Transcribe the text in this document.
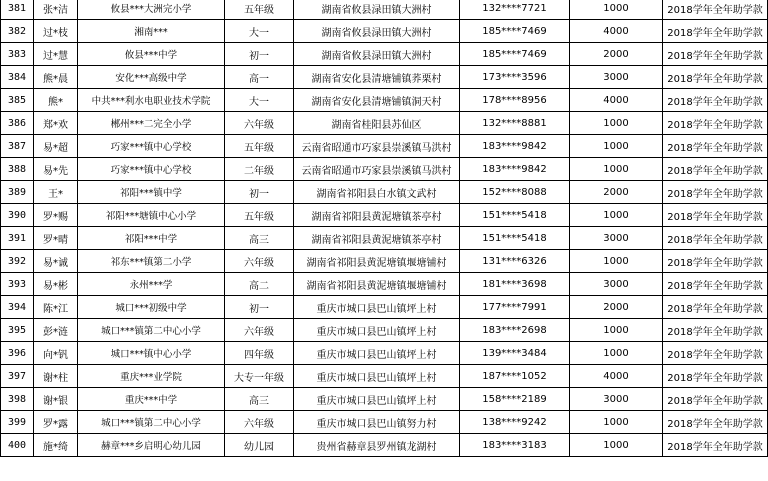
381	张*洁	攸县***大洲完小学	五年级	湖南省攸县渌田镇大洲村	132****7721	1000	2018学年全年助学款
382	过*枝	湘南***	大一	湖南省攸县渌田镇大洲村	185****7469	4000	2018学年全年助学款
383	过*慧	攸县***中学	初一	湖南省攸县渌田镇大洲村	185****7469	2000	2018学年全年助学款
384	熊*晨	安化***高级中学	高一	湖南省安化县清塘铺镇荞栗村	173****3596	3000	2018学年全年助学款
385	熊*	中共***利水电职业技术学院	大一	湖南省安化县清塘铺镇洞天村	178****8956	4000	2018学年全年助学款
386	郑*欢	郴州***二完全小学	六年级	湖南省桂阳县苏仙区	132****8881	1000	2018学年全年助学款
387	易*超	巧家***镇中心学校	五年级	云南省昭通市巧家县崇溪镇马洪村	183****9842	1000	2018学年全年助学款
388	易*先	巧家***镇中心学校	二年级	云南省昭通市巧家县崇溪镇马洪村	183****9842	1000	2018学年全年助学款
389	王*	祁阳***镇中学	初一	湖南省祁阳县白水镇文武村	152****8088	2000	2018学年全年助学款
390	罗*赐	祁阳***塘镇中心小学	五年级	湖南省祁阳县黄泥塘镇茶亭村	151****5418	1000	2018学年全年助学款
391	罗*晴	祁阳***中学	高三	湖南省祁阳县黄泥塘镇茶亭村	151****5418	3000	2018学年全年助学款
392	易*诚	祁东***镇第二小学	六年级	湖南省祁阳县黄泥塘镇堰塘铺村	131****6326	1000	2018学年全年助学款
393	易*彬	永州***学	高二	湖南省祁阳县黄泥塘镇堰塘铺村	181****3698	3000	2018学年全年助学款
394	陈*江	城口***初级中学	初一	重庆市城口县巴山镇坪上村	177****7991	2000	2018学年全年助学款
395	彭*涟	城口***镇第二中心小学	六年级	重庆市城口县巴山镇坪上村	183****2698	1000	2018学年全年助学款
396	向*钒	城口***镇中心小学	四年级	重庆市城口县巴山镇坪上村	139****3484	1000	2018学年全年助学款
397	谢*柱	重庆***业学院	大专一年级	重庆市城口县巴山镇坪上村	187****1052	4000	2018学年全年助学款
398	谢*银	重庆***中学	高三	重庆市城口县巴山镇坪上村	158****2189	3000	2018学年全年助学款
399	罗*露	城口***镇第二中心小学	六年级	重庆市城口县巴山镇努力村	138****9242	1000	2018学年全年助学款
400	施*绮	赫章***乡启明心幼儿园	幼儿园	贵州省赫章县罗州镇龙湖村	183****3183	1000	2018学年全年助学款
